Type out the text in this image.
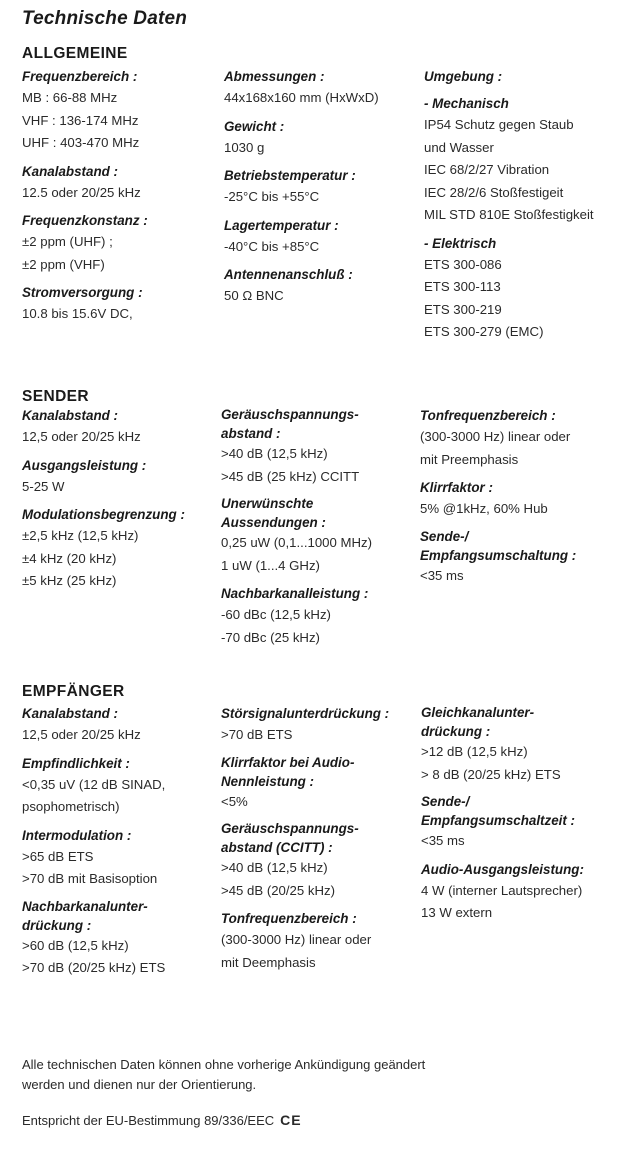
Technische Daten
ALLGEMEINE
Frequenzbereich :
MB : 66-88 MHz
VHF : 136-174 MHz
UHF : 403-470 MHz
Kanalabstand :
12.5 oder 20/25 kHz
Frequenzkonstanz :
±2 ppm (UHF) ;
±2 ppm (VHF)
Stromversorgung :
10.8 bis 15.6V DC,
Abmessungen :
44x168x160 mm (HxWxD)
Gewicht :
1030 g
Betriebstemperatur :
-25°C bis +55°C
Lagertemperatur :
-40°C bis +85°C
Antennenanschluß :
50 Ω BNC
Umgebung :
- Mechanisch
IP54 Schutz gegen Staub
und Wasser
IEC 68/2/27 Vibration
IEC 28/2/6 Stoßfestigeit
MIL STD 810E Stoßfestigkeit
- Elektrisch
ETS 300-086
ETS 300-113
ETS 300-219
ETS 300-279 (EMC)
SENDER
Kanalabstand :
12,5 oder 20/25 kHz
Ausgangsleistung :
5-25 W
Modulationsbegrenzung :
±2,5 kHz (12,5 kHz)
±4 kHz (20 kHz)
±5 kHz (25 kHz)
Geräuschspannungs-
abstand :
>40 dB (12,5 kHz)
>45 dB (25 kHz) CCITT
Unerwünschte
Aussendungen :
0,25 uW (0,1...1000 MHz)
1 uW (1...4 GHz)
Nachbarkanalleistung :
-60 dBc (12,5 kHz)
-70 dBc (25 kHz)
Tonfrequenzbereich :
(300-3000 Hz) linear oder
mit Preemphasis
Klirrfaktor :
5% @1kHz, 60% Hub
Sende-/
Empfangsumschaltung :
<35 ms
EMPFÄNGER
Kanalabstand :
12,5 oder 20/25 kHz
Empfindlichkeit :
<0,35 uV (12 dB SINAD,
psophometrisch)
Intermodulation :
>65 dB ETS
>70 dB mit Basisoption
Nachbarkanalunter-
drückung :
>60 dB (12,5 kHz)
>70 dB (20/25 kHz) ETS
Störsignalunterdrückung :
>70 dB ETS
Klirrfaktor bei Audio-
Nennleistung :
<5%
Geräuschspannungs-
abstand (CCITT) :
>40 dB (12,5 kHz)
>45 dB (20/25 kHz)
Tonfrequenzbereich :
(300-3000 Hz) linear oder
mit Deemphasis
Gleichkanalunter-
drückung :
>12 dB (12,5 kHz)
> 8 dB (20/25 kHz) ETS
Sende-/
Empfangsumschaltzeit :
<35 ms
Audio-Ausgangsleistung:
4 W (interner Lautsprecher)
13 W extern
Alle technischen Daten können ohne vorherige Ankündigung geändert
werden und dienen nur der Orientierung.
Entspricht der EU-Bestimmung 89/336/EEC CE
